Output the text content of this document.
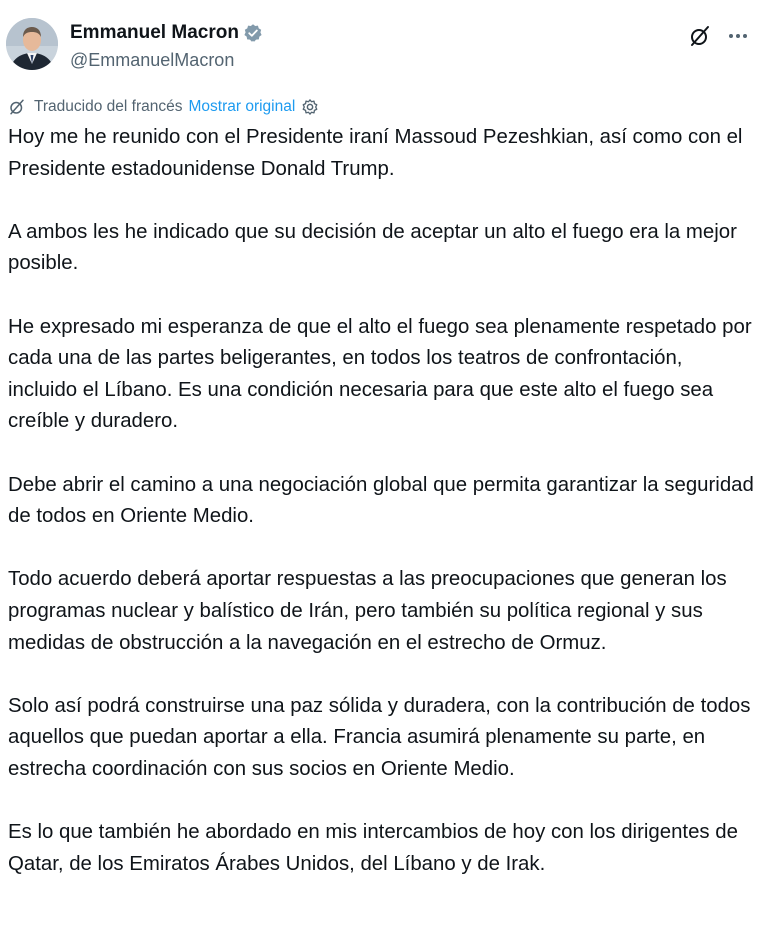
Emmanuel Macron
@EmmanuelMacron
Traducido del francés Mostrar original

Hoy me he reunido con el Presidente iraní Massoud Pezeshkian, así como con el Presidente estadounidense Donald Trump.

A ambos les he indicado que su decisión de aceptar un alto el fuego era la mejor posible.

He expresado mi esperanza de que el alto el fuego sea plenamente respetado por cada una de las partes beligerantes, en todos los teatros de confrontación, incluido el Líbano. Es una condición necesaria para que este alto el fuego sea creíble y duradero.

Debe abrir el camino a una negociación global que permita garantizar la seguridad de todos en Oriente Medio.

Todo acuerdo deberá aportar respuestas a las preocupaciones que generan los programas nuclear y balístico de Irán, pero también su política regional y sus medidas de obstrucción a la navegación en el estrecho de Ormuz.

Solo así podrá construirse una paz sólida y duradera, con la contribución de todos aquellos que puedan aportar a ella. Francia asumirá plenamente su parte, en estrecha coordinación con sus socios en Oriente Medio.

Es lo que también he abordado en mis intercambios de hoy con los dirigentes de Qatar, de los Emiratos Árabes Unidos, del Líbano y de Irak.
